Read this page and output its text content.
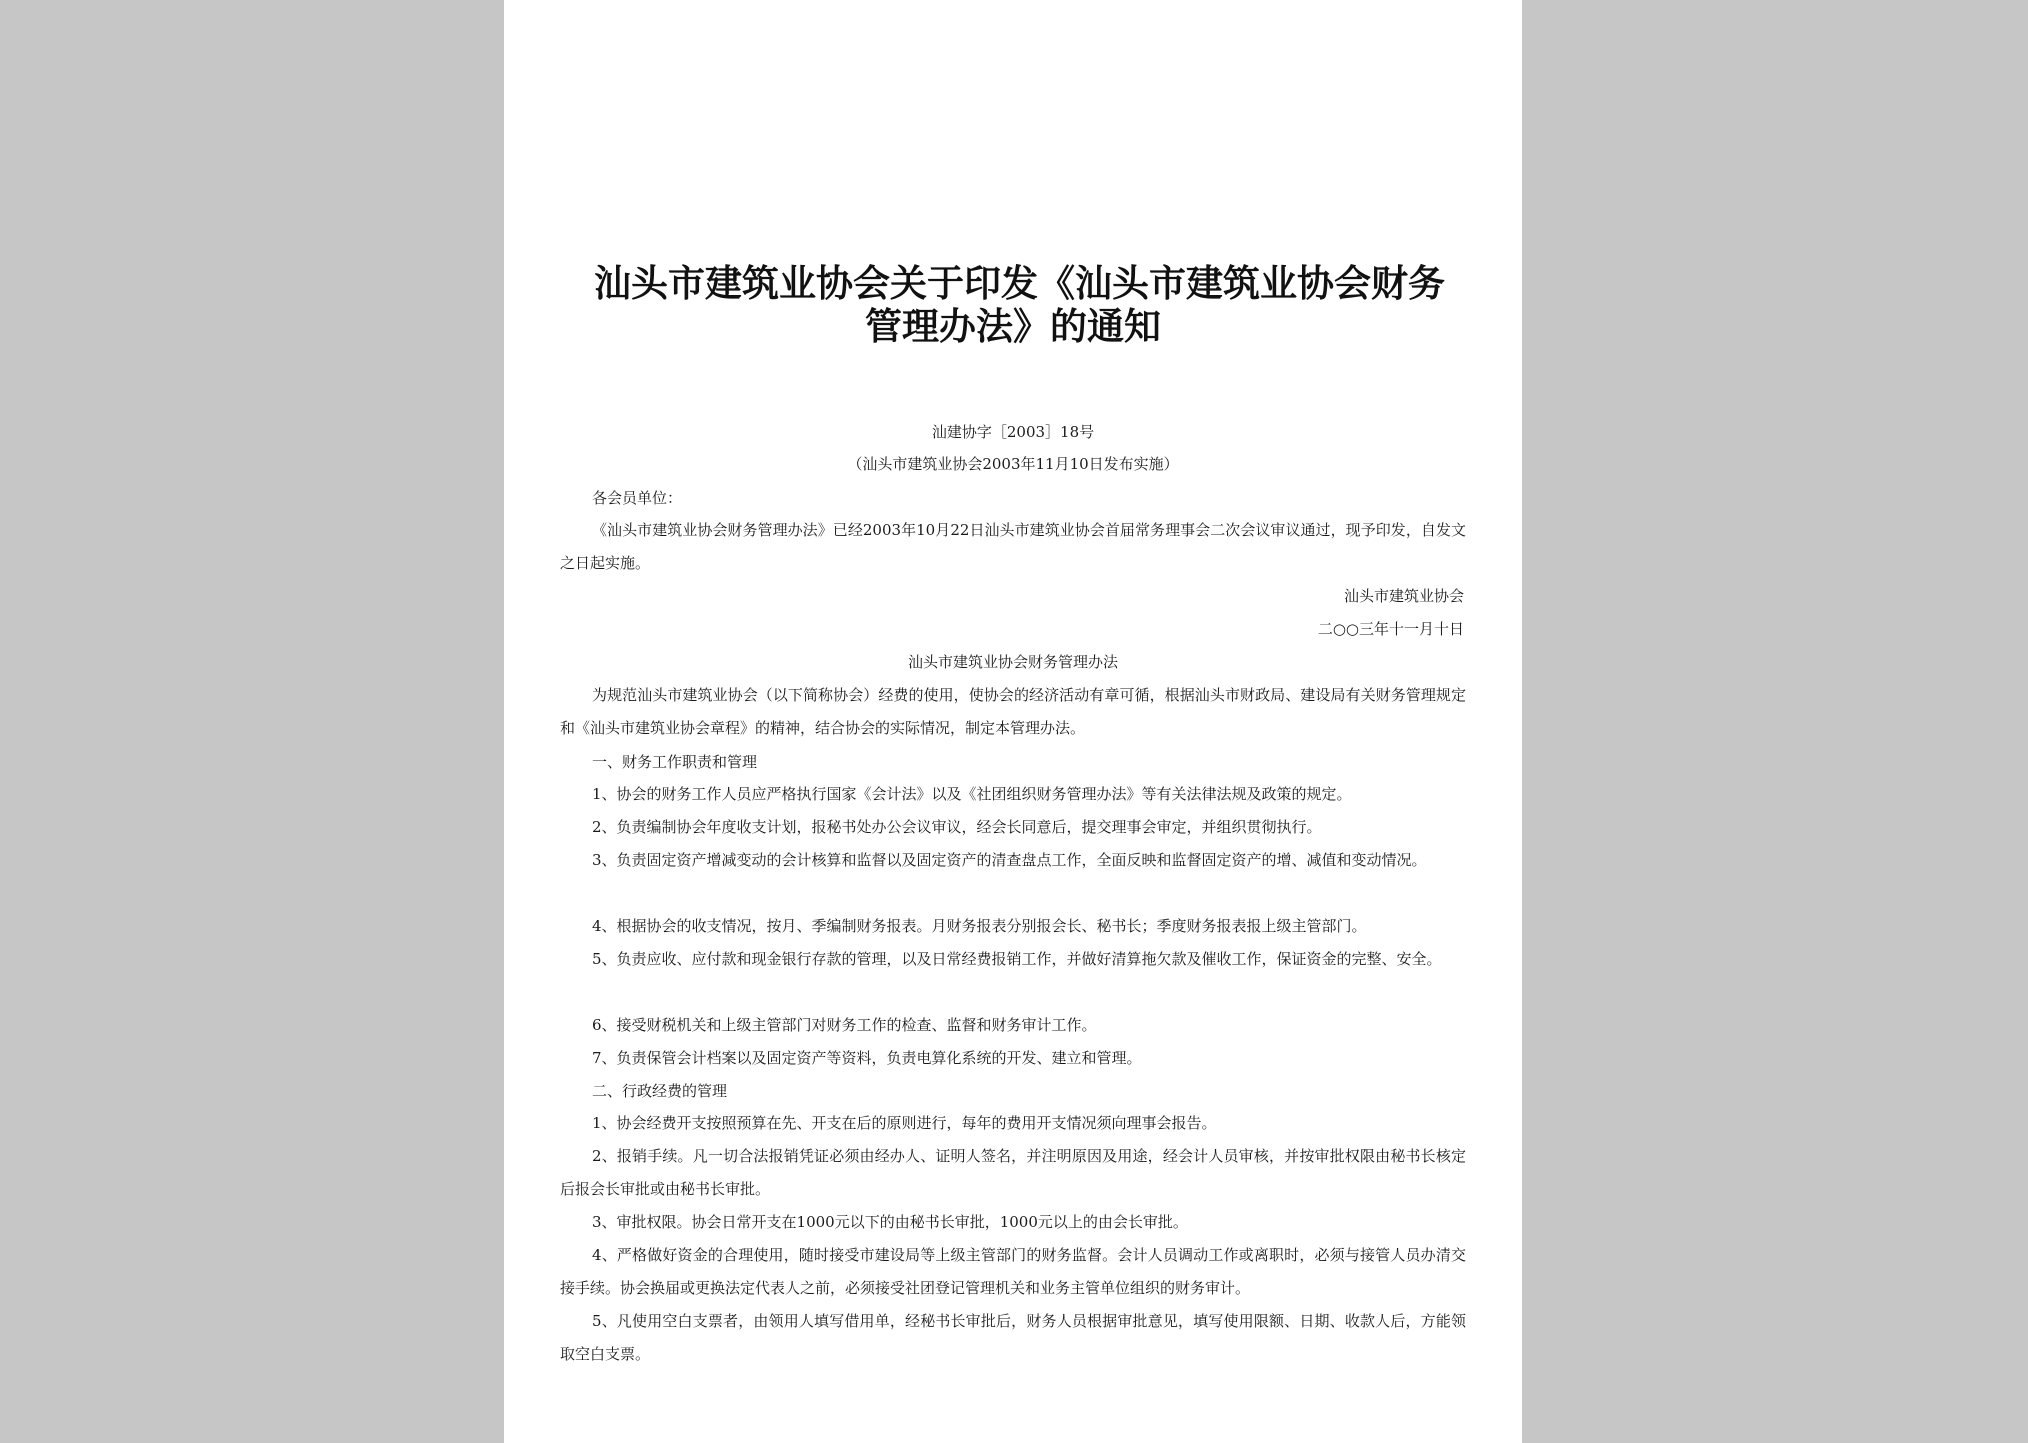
汕头市建筑业协会关于印发《汕头市建筑业协会财务
管理办法》的通知
汕建协字［2003］18号
（汕头市建筑业协会2003年11月10日发布实施）
各会员单位：
《汕头市建筑业协会财务管理办法》已经2003年10月22日汕头市建筑业协会首届常务理事会二次会议审议通过，现予印发，自发文之日起实施。
汕头市建筑业协会
二○○三年十一月十日
汕头市建筑业协会财务管理办法
为规范汕头市建筑业协会（以下简称协会）经费的使用，使协会的经济活动有章可循，根据汕头市财政局、建设局有关财务管理规定和《汕头市建筑业协会章程》的精神，结合协会的实际情况，制定本管理办法。
一、财务工作职责和管理
1、协会的财务工作人员应严格执行国家《会计法》以及《社团组织财务管理办法》等有关法律法规及政策的规定。
2、负责编制协会年度收支计划，报秘书处办公会议审议，经会长同意后，提交理事会审定，并组织贯彻执行。
3、负责固定资产增减变动的会计核算和监督以及固定资产的清查盘点工作，全面反映和监督固定资产的增、减值和变动情况。
4、根据协会的收支情况，按月、季编制财务报表。月财务报表分别报会长、秘书长；季度财务报表报上级主管部门。
5、负责应收、应付款和现金银行存款的管理，以及日常经费报销工作，并做好清算拖欠款及催收工作，保证资金的完整、安全。
6、接受财税机关和上级主管部门对财务工作的检查、监督和财务审计工作。
7、负责保管会计档案以及固定资产等资料，负责电算化系统的开发、建立和管理。
二、行政经费的管理
1、协会经费开支按照预算在先、开支在后的原则进行，每年的费用开支情况须向理事会报告。
2、报销手续。凡一切合法报销凭证必须由经办人、证明人签名，并注明原因及用途，经会计人员审核，并按审批权限由秘书长核定后报会长审批或由秘书长审批。
3、审批权限。协会日常开支在1000元以下的由秘书长审批，1000元以上的由会长审批。
4、严格做好资金的合理使用，随时接受市建设局等上级主管部门的财务监督。会计人员调动工作或离职时，必须与接管人员办清交接手续。协会换届或更换法定代表人之前，必须接受社团登记管理机关和业务主管单位组织的财务审计。
5、凡使用空白支票者，由领用人填写借用单，经秘书长审批后，财务人员根据审批意见，填写使用限额、日期、收款人后，方能领取空白支票。
